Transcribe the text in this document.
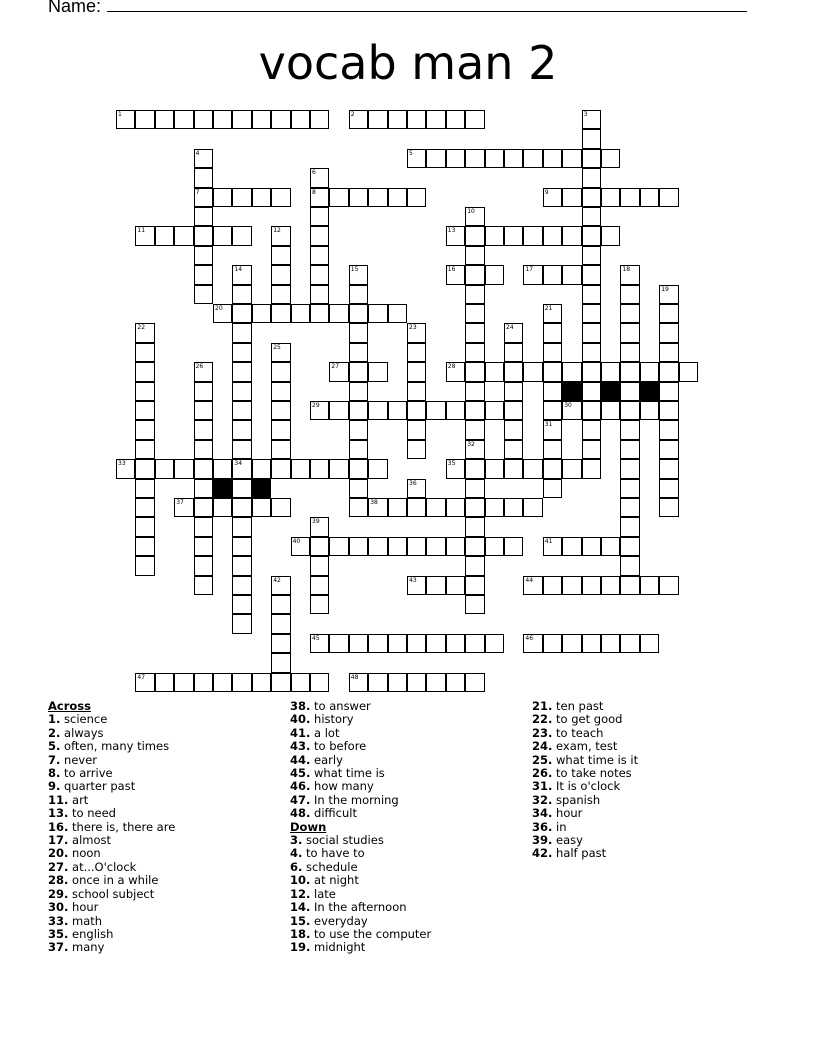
Name:
vocab man 2
1	2	3
4
7
5
6
8	9
10
32
11	12	13
14	15	16	17	18
19
20	21
31
22	23	24
25
26	27	28
29	30
33	34	35
36
37	38
39
40	41
42	43	44
45	46
47	48
Across
1. science
2. always
5. often, many times
7. never
8. to arrive
9. quarter past
11. art
13. to need
16. there is, there are
17. almost
20. noon
27. at...O'clock
28. once in a while
29. school subject
30. hour
33. math
35. english
37. many
38. to answer
40. history
41. a lot
43. to before
44. early
45. what time is
46. how many
47. In the morning
48. difficult
Down
3. social studies
4. to have to
6. schedule
10. at night
12. late
14. In the afternoon
15. everyday
18. to use the computer
19. midnight
21. ten past
22. to get good
23. to teach
24. exam, test
25. what time is it
26. to take notes
31. It is o'clock
32. spanish
34. hour
36. in
39. easy
42. half past
